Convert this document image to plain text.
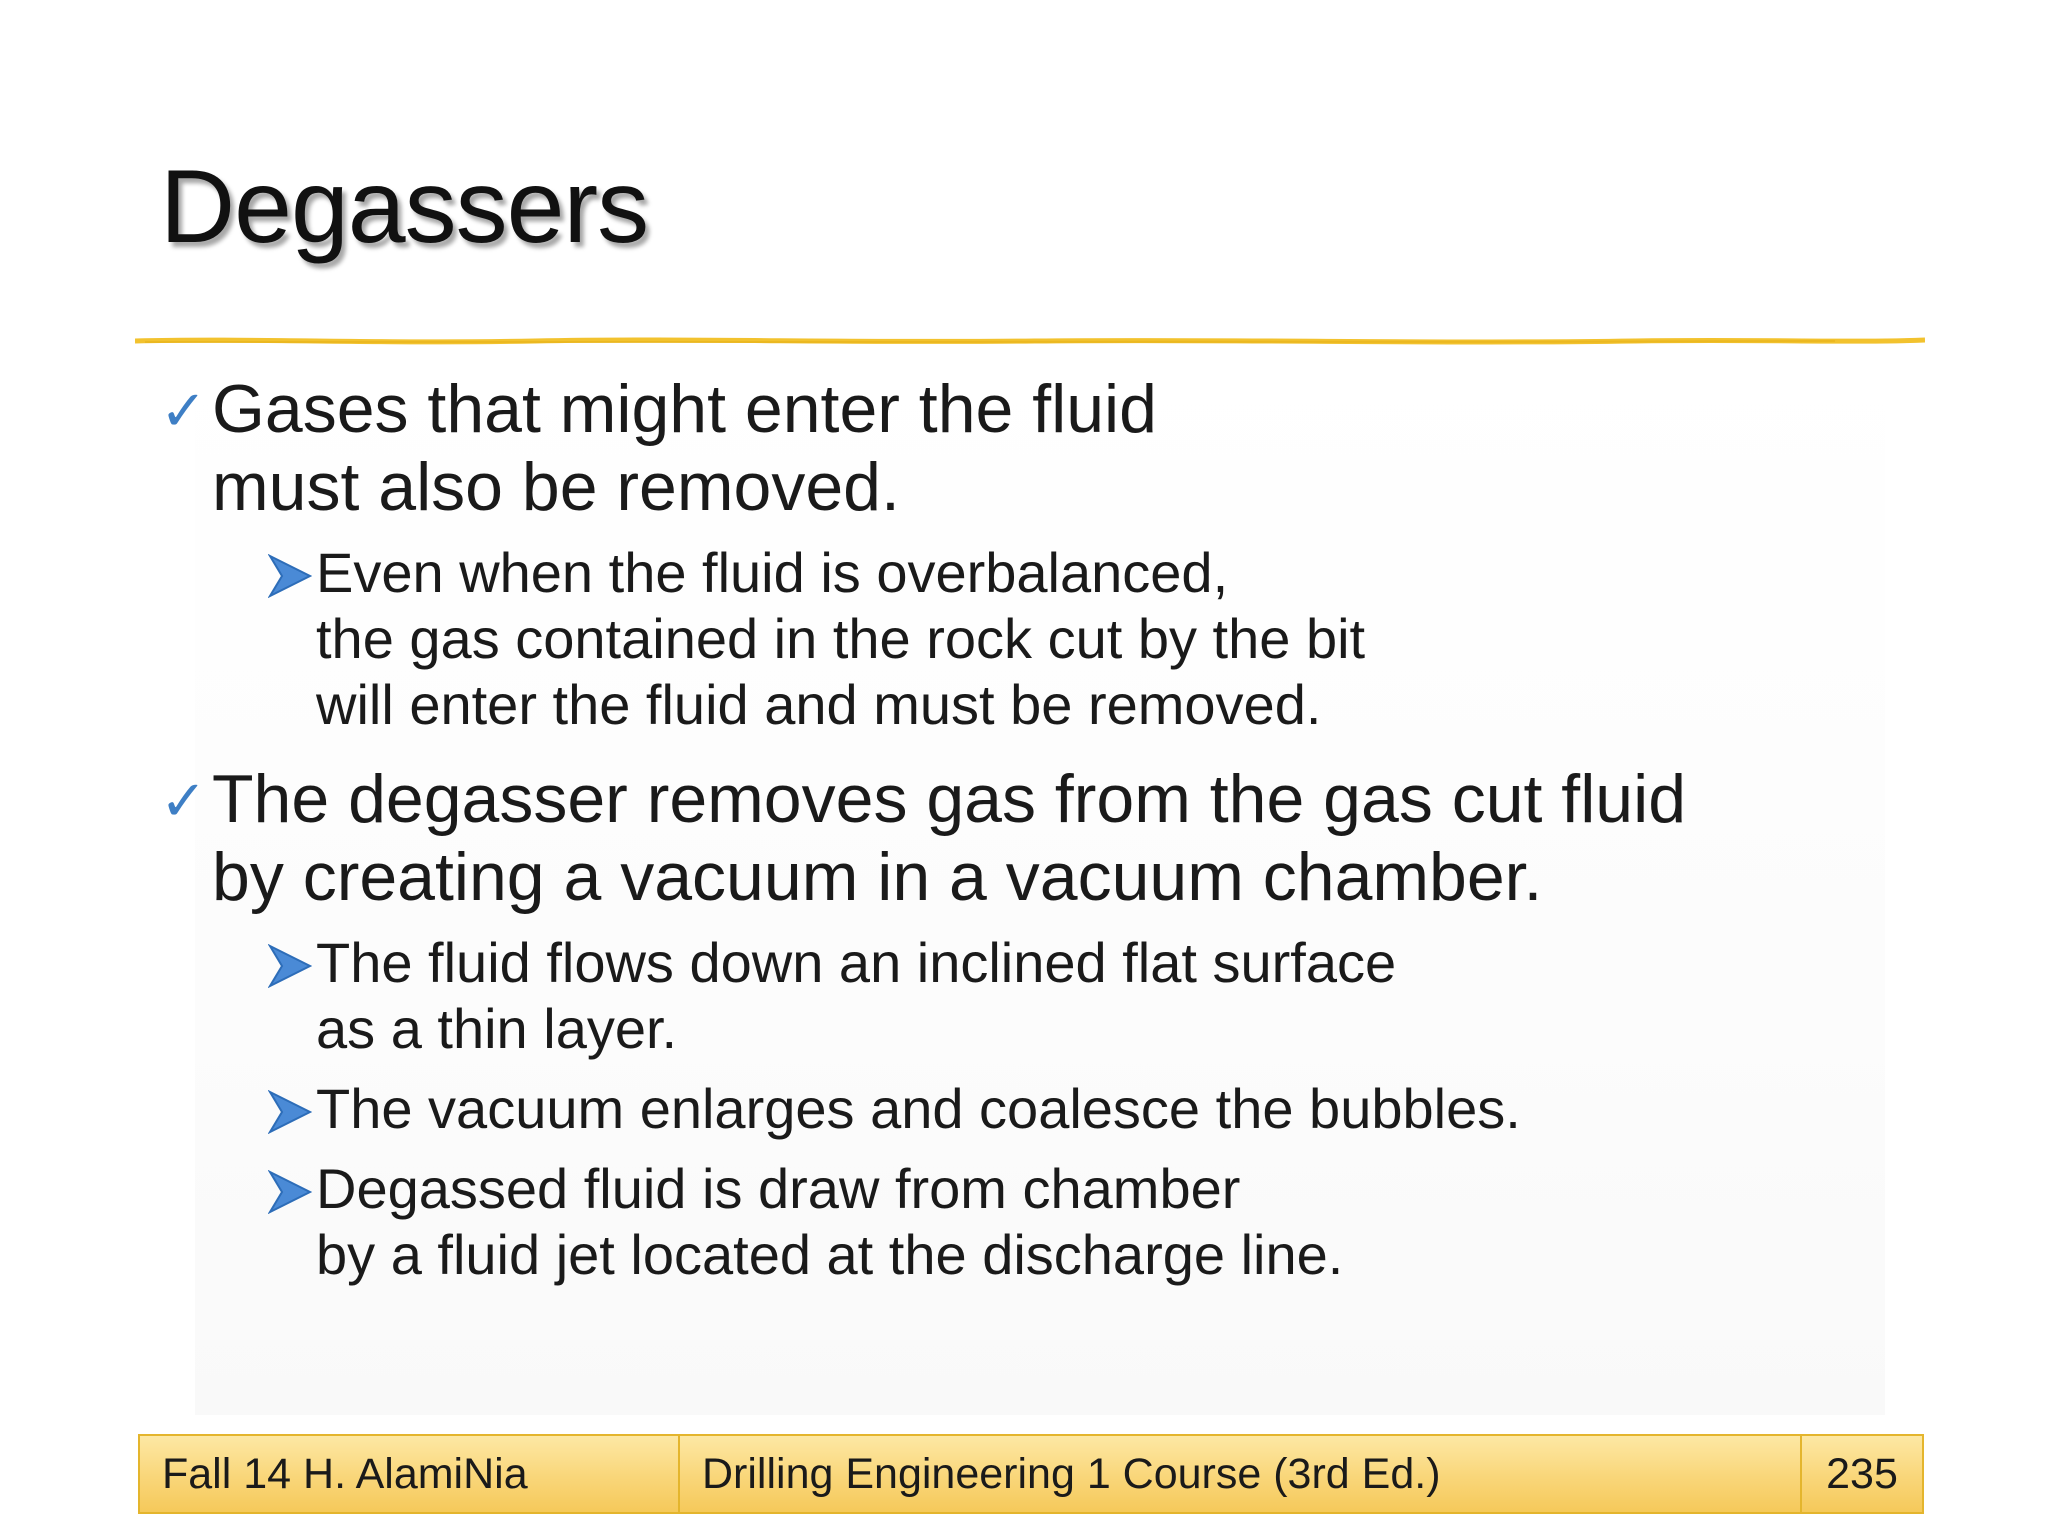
Degassers
✓ Gases that might enter the fluid
must also be removed.
Even when the fluid is overbalanced,
the gas contained in the rock cut by the bit
will enter the fluid and must be removed.
✓ The degasser removes gas from the gas cut fluid
by creating a vacuum in a vacuum chamber.
The fluid flows down an inclined flat surface
as a thin layer.
The vacuum enlarges and coalesce the bubbles.
Degassed fluid is draw from chamber
by a fluid jet located at the discharge line.
Fall 14 H. AlamiNia	Drilling Engineering 1 Course (3rd Ed.)	235
